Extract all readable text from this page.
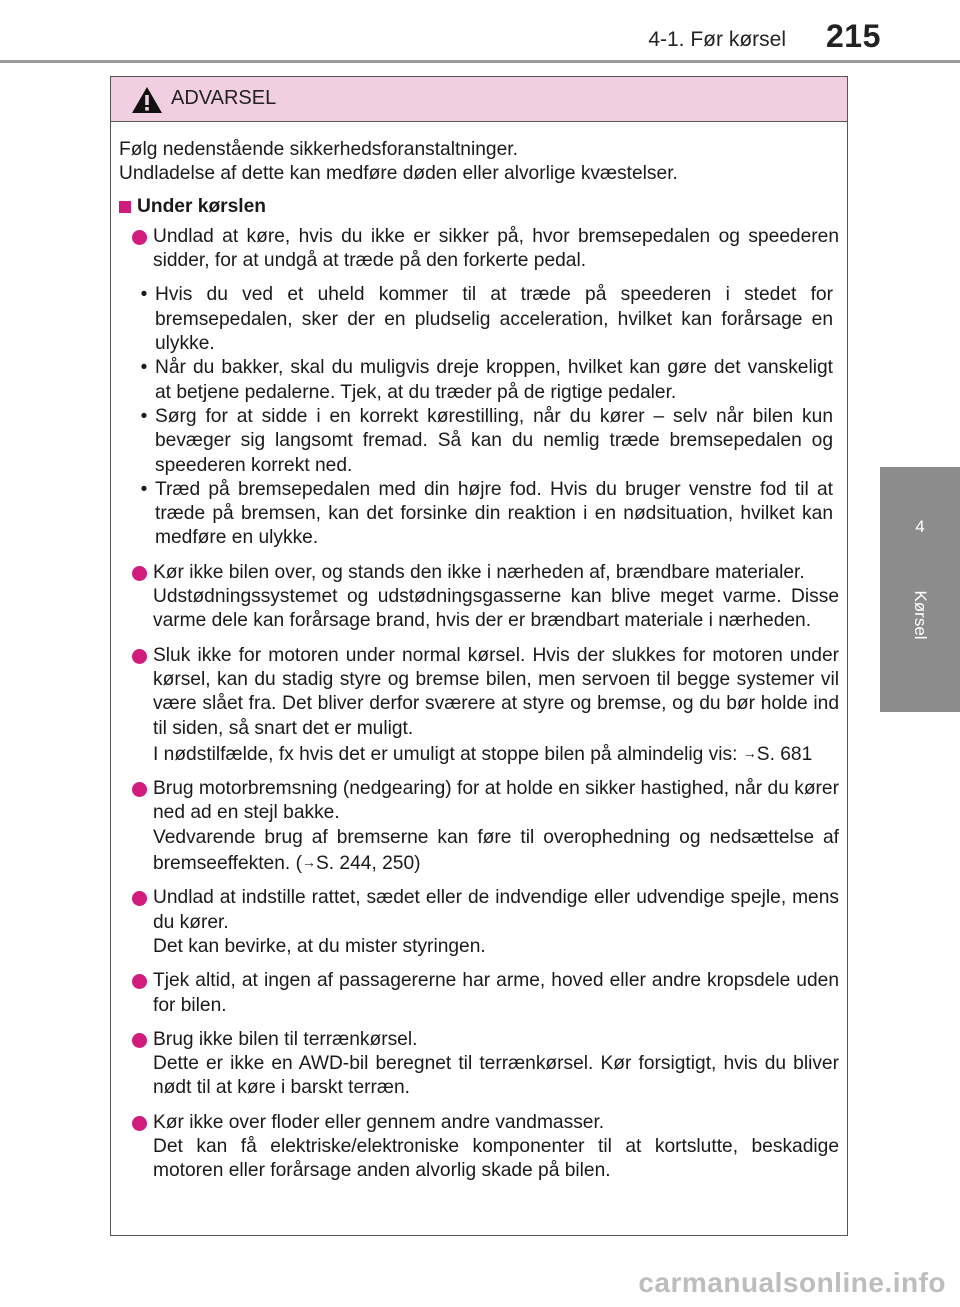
4-1. Før kørsel 215
4
Kørsel
ADVARSEL

Følg nedenstående sikkerhedsforanstaltninger.

Undladelse af dette kan medføre døden eller alvorlige kvæstelser.

Under kørslen

Undlad at køre, hvis du ikke er sikker på, hvor bremsepedalen og speederen sidder, for at undgå at træde på den forkerte pedal.

• Hvis du ved et uheld kommer til at træde på speederen i stedet for bremsepedalen, sker der en pludselig acceleration, hvilket kan forårsage en ulykke.
• Når du bakker, skal du muligvis dreje kroppen, hvilket kan gøre det vanskeligt at betjene pedalerne. Tjek, at du træder på de rigtige pedaler.
• Sørg for at sidde i en korrekt kørestilling, når du kører – selv når bilen kun bevæger sig langsomt fremad. Så kan du nemlig træde bremsepedalen og speederen korrekt ned.
• Træd på bremsepedalen med din højre fod. Hvis du bruger venstre fod til at træde på bremsen, kan det forsinke din reaktion i en nødsituation, hvilket kan medføre en ulykke.

Kør ikke bilen over, og stands den ikke i nærheden af, brændbare materialer.

Udstødningssystemet og udstødningsgasserne kan blive meget varme. Disse varme dele kan forårsage brand, hvis der er brændbart materiale i nærheden.

Sluk ikke for motoren under normal kørsel. Hvis der slukkes for motoren under kørsel, kan du stadig styre og bremse bilen, men servoen til begge systemer vil være slået fra. Det bliver derfor sværere at styre og bremse, og du bør holde ind til siden, så snart det er muligt.

I nødstilfælde, fx hvis det er umuligt at stoppe bilen på almindelig vis: →S. 681

Brug motorbremsning (nedgearing) for at holde en sikker hastighed, når du kører ned ad en stejl bakke.

Vedvarende brug af bremserne kan føre til overophedning og nedsættelse af bremseeffekten. (→S. 244, 250)

Undlad at indstille rattet, sædet eller de indvendige eller udvendige spejle, mens du kører.

Det kan bevirke, at du mister styringen.

Tjek altid, at ingen af passagererne har arme, hoved eller andre kropsdele uden for bilen.

Brug ikke bilen til terrænkørsel.

Dette er ikke en AWD-bil beregnet til terrænkørsel. Kør forsigtigt, hvis du bliver nødt til at køre i barskt terræn.

Kør ikke over floder eller gennem andre vandmasser.

Det kan få elektriske/elektroniske komponenter til at kortslutte, beskadige motoren eller forårsage anden alvorlig skade på bilen.

carmanualsonline.info
